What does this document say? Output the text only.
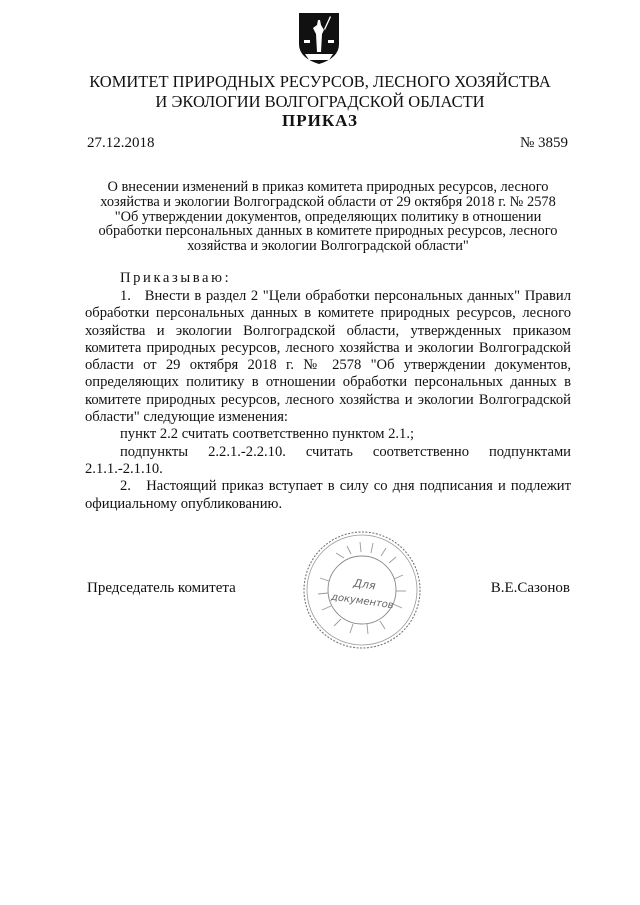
КОМИТЕТ ПРИРОДНЫХ РЕСУРСОВ, ЛЕСНОГО ХОЗЯЙСТВА
И ЭКОЛОГИИ ВОЛГОГРАДСКОЙ ОБЛАСТИ
ПРИКАЗ
27.12.2018	№ 3859
О внесении изменений в приказ комитета природных ресурсов, лесного
хозяйства и экологии Волгоградской области от 29 октября 2018 г. № 2578
"Об утверждении документов, определяющих политику в отношении
обработки персональных данных в комитете природных ресурсов, лесного
хозяйства и экологии Волгоградской области"
Приказываю:

1.   Внести в раздел 2 "Цели обработки персональных данных" Правил обработки персональных данных в комитете природных ресурсов, лесного хозяйства и экологии Волгоградской области, утвержденных приказом комитета природных ресурсов, лесного хозяйства и экологии Волгоградской области от 29 октября 2018 г. № 2578 "Об утверждении документов, определяющих политику в отношении обработки персональных данных в комитете природных ресурсов, лесного хозяйства и экологии Волгоградской области" следующие изменения:

пункт 2.2 считать соответственно пунктом 2.1.;

подпункты 2.2.1.-2.2.10. считать соответственно подпунктами 2.1.1.-2.1.10.

2.   Настоящий приказ вступает в силу со дня подписания и подлежит официальному опубликованию.

Для
документов
Председатель комитета	В.Е.Сазонов
